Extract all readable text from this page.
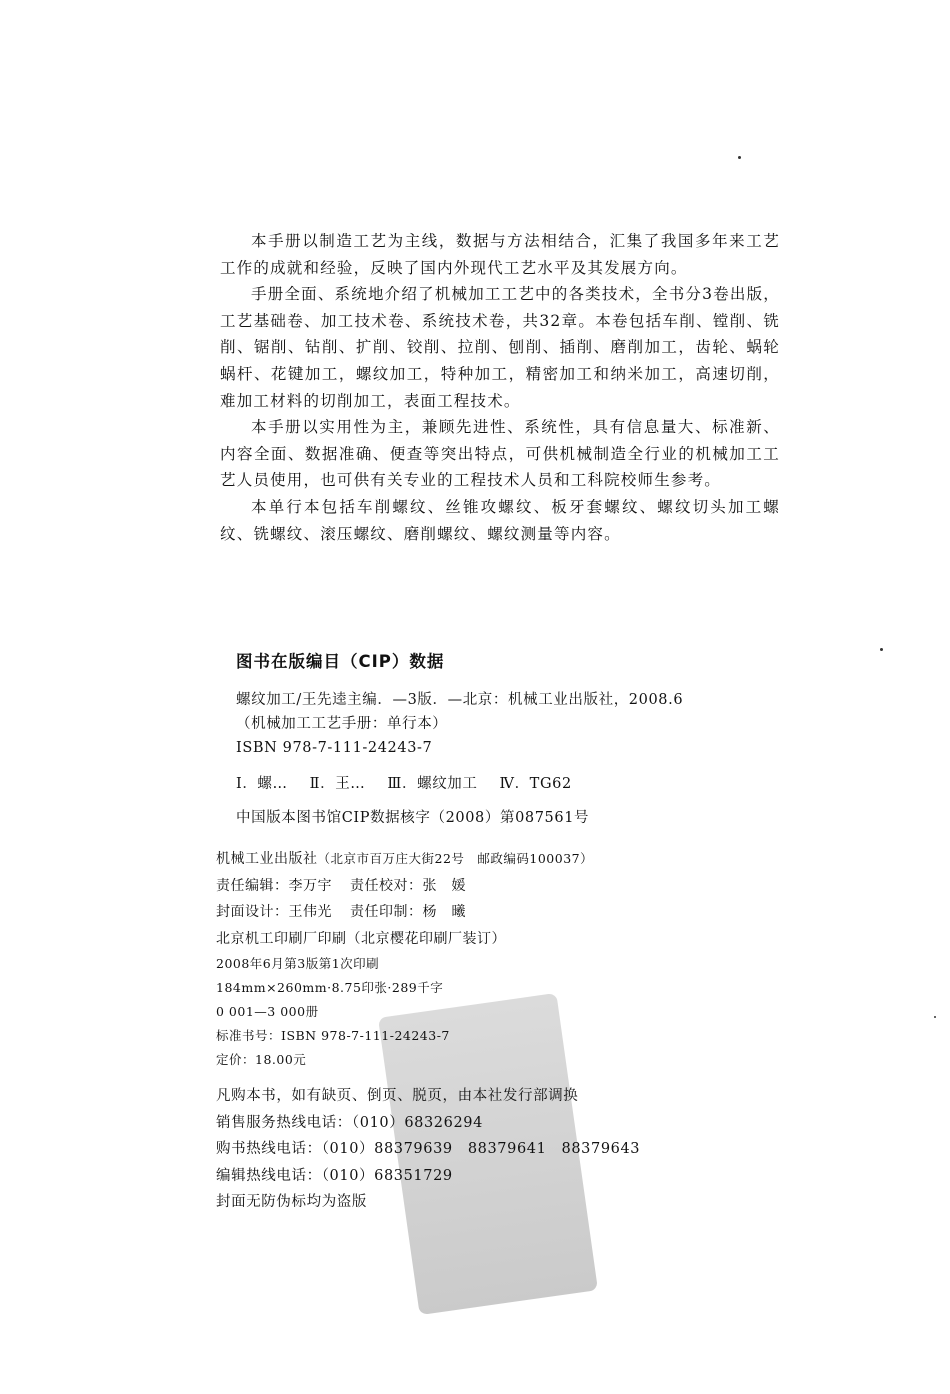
本手册以制造工艺为主线，数据与方法相结合，汇集了我国多年来工艺工作的成就和经验，反映了国内外现代工艺水平及其发展方向。

手册全面、系统地介绍了机械加工工艺中的各类技术，全书分3卷出版，工艺基础卷、加工技术卷、系统技术卷，共32章。本卷包括车削、镗削、铣削、锯削、钻削、扩削、铰削、拉削、刨削、插削、磨削加工，齿轮、蜗轮蜗杆、花键加工，螺纹加工，特种加工，精密加工和纳米加工，高速切削，难加工材料的切削加工，表面工程技术。

本手册以实用性为主，兼顾先进性、系统性，具有信息量大、标准新、内容全面、数据准确、便查等突出特点，可供机械制造全行业的机械加工工艺人员使用，也可供有关专业的工程技术人员和工科院校师生参考。

本单行本包括车削螺纹、丝锥攻螺纹、板牙套螺纹、螺纹切头加工螺纹、铣螺纹、滚压螺纹、磨削螺纹、螺纹测量等内容。

图书在版编目（CIP）数据
螺纹加工/王先逵主编．—3版．—北京：机械工业出版社，2008.6
（机械加工工艺手册：单行本）
ISBN 978-7-111-24243-7
Ⅰ．螺… Ⅱ．王… Ⅲ．螺纹加工 Ⅳ．TG62
中国版本图书馆CIP数据核字（2008）第087561号
机械工业出版社（北京市百万庄大街22号　邮政编码100037）
责任编辑：李万宇 责任校对：张　媛
封面设计：王伟光 责任印制：杨　曦
北京机工印刷厂印刷（北京樱花印刷厂装订）
2008年6月第3版第1次印刷
184mm×260mm·8.75印张·289千字
0 001—3 000册
标准书号：ISBN 978-7-111-24243-7
定价：18.00元
凡购本书，如有缺页、倒页、脱页，由本社发行部调换
销售服务热线电话：（010）68326294
购书热线电话：（010）88379639　88379641　88379643
编辑热线电话：（010）68351729
封面无防伪标均为盗版
